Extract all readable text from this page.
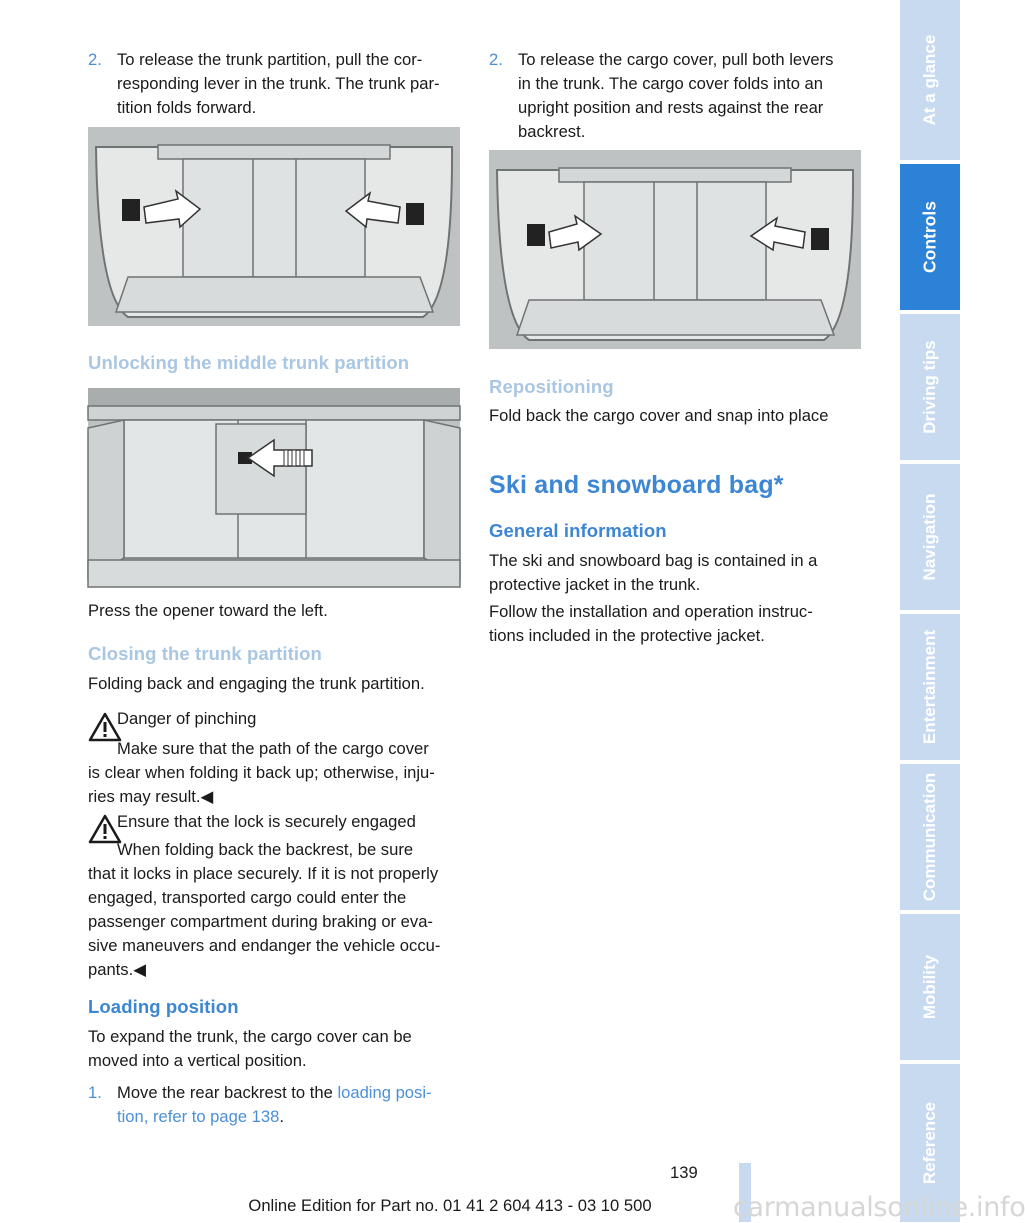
2. To release the trunk partition, pull the cor‐
responding lever in the trunk. The trunk par‐
tition folds forward.
Unlocking the middle trunk partition

Press the opener toward the left.

Closing the trunk partition

Folding back and engaging the trunk partition.

Danger of pinching

Make sure that the path of the cargo cover

is clear when folding it back up; otherwise, inju‐

ries may result.◀

Ensure that the lock is securely engaged

When folding back the backrest, be sure

that it locks in place securely. If it is not properly

engaged, transported cargo could enter the

passenger compartment during braking or eva‐

sive maneuvers and endanger the vehicle occu‐

pants.◀

Loading position

To expand the trunk, the cargo cover can be

moved into a vertical position.

1. Move the rear backrest to the loading posi‐
tion, refer to page 138.
2. To release the cargo cover, pull both levers
in the trunk. The cargo cover folds into an
upright position and rests against the rear
backrest.
Repositioning

Fold back the cargo cover and snap into place

Ski and snowboard bag*
General information

The ski and snowboard bag is contained in a

protective jacket in the trunk.

Follow the installation and operation instruc‐

tions included in the protective jacket.

At a glance
Controls
Driving tips
Navigation
Entertainment
Communication
Mobility
Reference
139
Online Edition for Part no. 01 41 2 604 413 - 03 10 500	carmanualsonline.info
